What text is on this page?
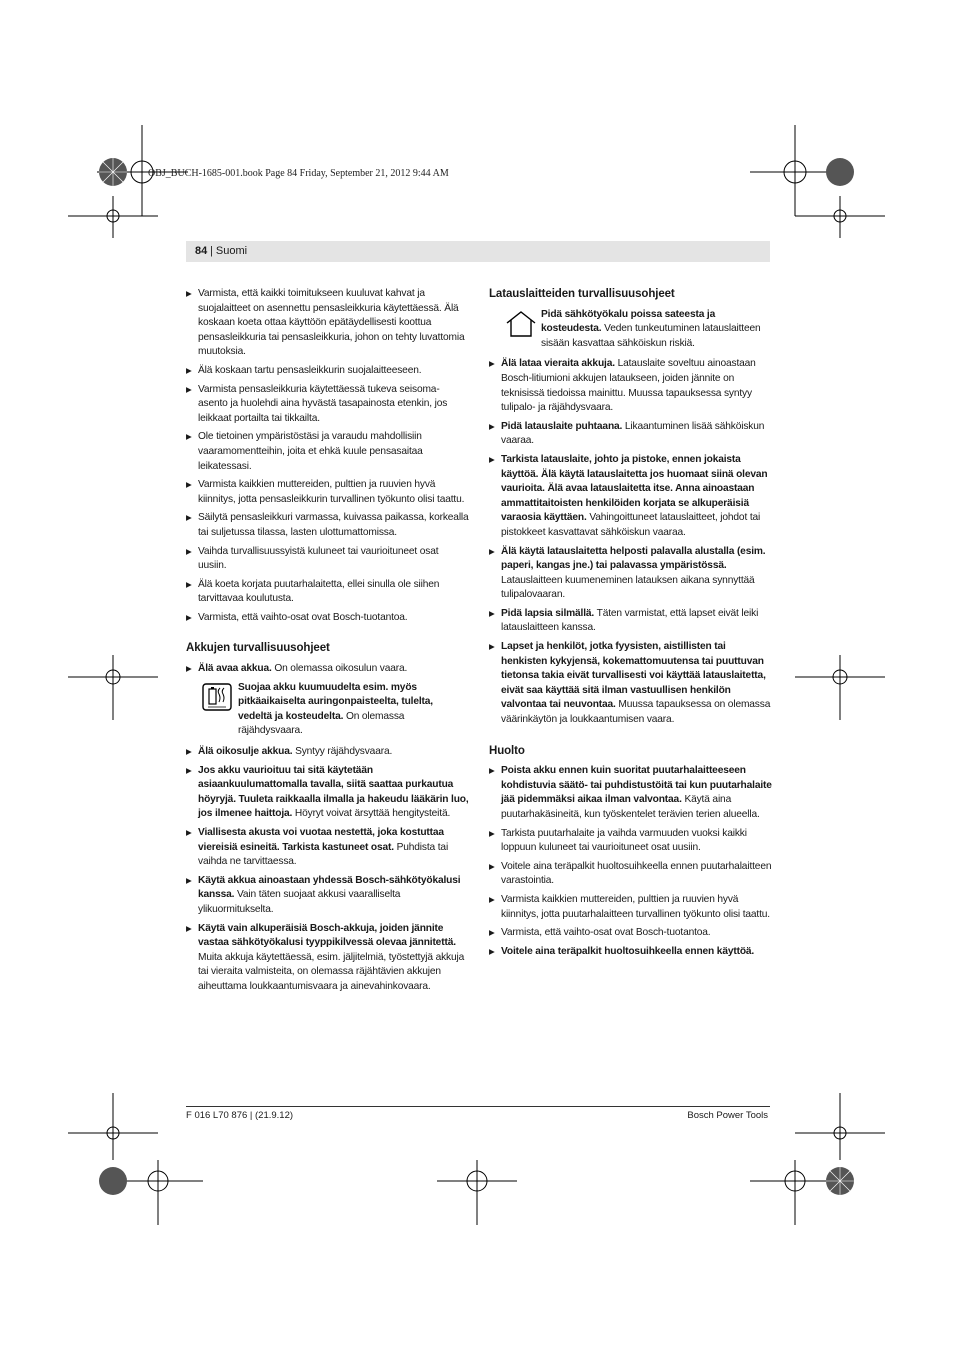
OBJ_BUCH-1685-001.book Page 84 Friday, September 21, 2012 9:44 AM
84 | Suomi
▶ Varmista, että kaikki toimitukseen kuuluvat kahvat ja suojalaitteet on asennettu pensasleikkuria käytettäessä. Älä koskaan koeta ottaa käyttöön epätäydellisesti koottua pensasleikkuria tai pensasleikkuria, johon on tehty luvattomia muutoksia.
▶ Älä koskaan tartu pensasleikkurin suojalaitteeseen.
▶ Varmista pensasleikkuria käytettäessä tukeva seisoma-asento ja huolehdi aina hyvästä tasapainosta etenkin, jos leikkaat portailta tai tikkailta.
▶ Ole tietoinen ympäristöstäsi ja varaudu mahdollisiin vaaramomentteihin, joita et ehkä kuule pensasaitaa leikatessasi.
▶ Varmista kaikkien muttereiden, pulttien ja ruuvien hyvä kiinnitys, jotta pensasleikkurin turvallinen työkunto olisi taattu.
▶ Säilytä pensasleikkuri varmassa, kuivassa paikassa, korkealla tai suljetussa tilassa, lasten ulottumattomissa.
▶ Vaihda turvallisuussyistä kuluneet tai vaurioituneet osat uusiin.
▶ Älä koeta korjata puutarhalaitetta, ellei sinulla ole siihen tarvittavaa koulutusta.
▶ Varmista, että vaihto-osat ovat Bosch-tuotantoa.
Akkujen turvallisuusohjeet
▶ Älä avaa akkua. On olemassa oikosulun vaara.
Suojaa akku kuumuudelta esim. myös pitkäaikaiselta auringonpaisteelta, tulelta, vedeltä ja kosteudelta. On olemassa räjähdysvaara.
▶ Älä oikosulje akkua. Syntyy räjähdysvaara.
▶ Jos akku vaurioituu tai sitä käytetään asiaankuulumattomalla tavalla, siitä saattaa purkautua höyryjä. Tuuleta raikkaalla ilmalla ja hakeudu lääkärin luo, jos ilmenee haittoja. Höyryt voivat ärsyttää hengitysteitä.
▶ Viallisesta akusta voi vuotaa nestettä, joka kostuttaa viereisiä esineitä. Tarkista kastuneet osat. Puhdista tai vaihda ne tarvittaessa.
▶ Käytä akkua ainoastaan yhdessä Bosch-sähkötyökalusi kanssa. Vain täten suojaat akkusi vaaralliselta ylikuormitukselta.
▶ Käytä vain alkuperäisiä Bosch-akkuja, joiden jännite vastaa sähkötyökalusi tyyppikilvessä olevaa jännitettä. Muita akkuja käytettäessä, esim. jäljitelmiä, työstettyjä akkuja tai vieraita valmisteita, on olemassa räjähtävien akkujen aiheuttama loukkaantumisvaara ja ainevahinkovaara.
Latauslaitteiden turvallisuusohjeet
Pidä sähkötyökalu poissa sateesta ja kosteudesta. Veden tunkeutuminen latauslaitteen sisään kasvattaa sähköiskun riskiä.
▶ Älä lataa vieraita akkuja. Latauslaite soveltuu ainoastaan Bosch-litiumioni akkujen lataukseen, joiden jännite on teknisissä tiedoissa mainittu. Muussa tapauksessa syntyy tulipalo- ja räjähdysvaara.
▶ Pidä latauslaite puhtaana. Likaantuminen lisää sähköiskun vaaraa.
▶ Tarkista latauslaite, johto ja pistoke, ennen jokaista käyttöä. Älä käytä latauslaitetta jos huomaat siinä olevan vaurioita. Älä avaa latauslaitetta itse. Anna ainoastaan ammattitaitoisten henkilöiden korjata se alkuperäisiä varaosia käyttäen. Vahingoittuneet latauslaitteet, johdot tai pistokkeet kasvattavat sähköiskun vaaraa.
▶ Älä käytä latauslaitetta helposti palavalla alustalla (esim. paperi, kangas jne.) tai palavassa ympäristössä. Latauslaitteen kuumeneminen latauksen aikana synnyttää tulipalovaaran.
▶ Pidä lapsia silmällä. Täten varmistat, että lapset eivät leiki latauslaitteen kanssa.
▶ Lapset ja henkilöt, jotka fyysisten, aistillisten tai henkisten kykyjensä, kokemattomuutensa tai puuttuvan tietonsa takia eivät turvallisesti voi käyttää latauslaitetta, eivät saa käyttää sitä ilman vastuullisen henkilön valvontaa tai neuvontaa. Muussa tapauksessa on olemassa väärinkäytön ja loukkaantumisen vaara.
Huolto
▶ Poista akku ennen kuin suoritat puutarhalaitteeseen kohdistuvia säätö- tai puhdistustöitä tai kun puutarhalaite jää pidemmäksi aikaa ilman valvontaa. Käytä aina puutarhakäsineitä, kun työskentelet terävien terien alueella.
▶ Tarkista puutarhalaite ja vaihda varmuuden vuoksi kaikki loppuun kuluneet tai vaurioituneet osat uusiin.
▶ Voitele aina teräpalkit huoltosuihkeella ennen puutarhalaitteen varastointia.
▶ Varmista kaikkien muttereiden, pulttien ja ruuvien hyvä kiinnitys, jotta puutarhalaitteen turvallinen työkunto olisi taattu.
▶ Varmista, että vaihto-osat ovat Bosch-tuotantoa.
▶ Voitele aina teräpalkit huoltosuihkeella ennen käyttöä.
F 016 L70 876 | (21.9.12)	Bosch Power Tools
